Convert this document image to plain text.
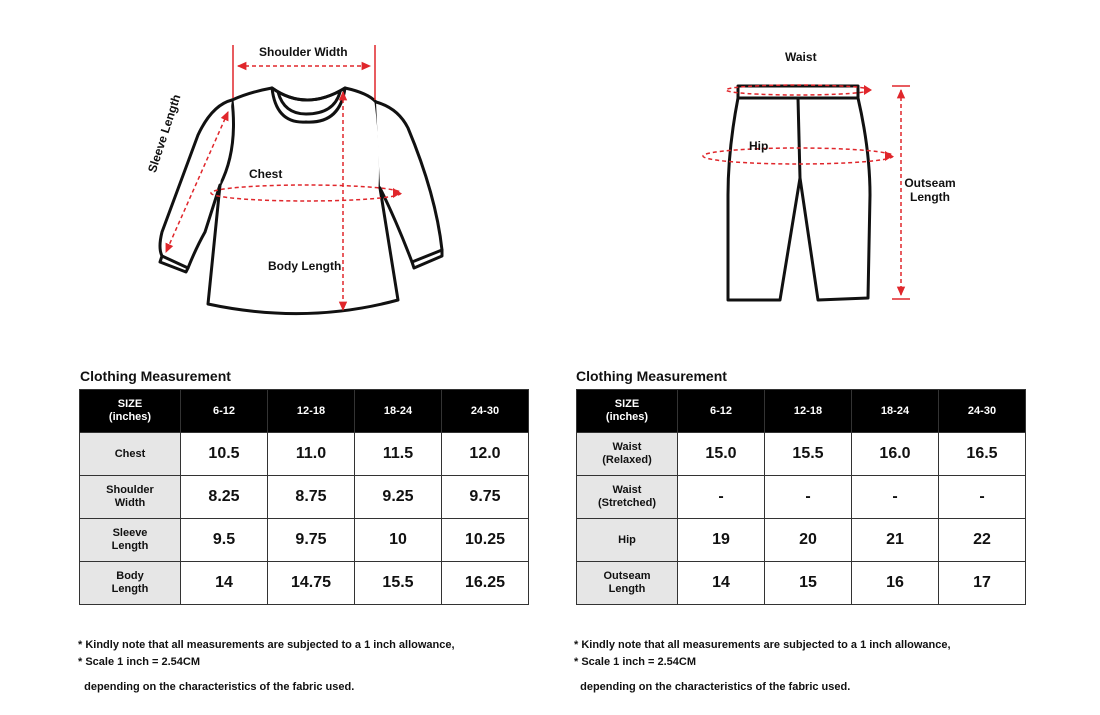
Shoulder Width
Sleeve Length	Chest
Body Length
Waist
Hip
Outseam
Length
Clothing Measurement
SIZE
(inches)	6-12	12-18	18-24	24-30

Chest	10.5	11.0	11.5	12.0

Shoulder
Width	8.25	8.75	9.25	9.75

Sleeve
Length	9.5	9.75	10	10.25

Body
Length	14	14.75	15.5	16.25

* Kindly note that all measurements are subjected to a 1 inch allowance,

depending on the characteristics of the fabric used.

* Scale 1 inch = 2.54CM
Clothing Measurement
SIZE
(inches)	6-12	12-18	18-24	24-30

Waist
(Relaxed)	15.0	15.5	16.0	16.5

Waist
(Stretched)	-	-	-	-

Hip	19	20	21	22

Outseam
Length	14	15	16	17

* Kindly note that all measurements are subjected to a 1 inch allowance,

depending on the characteristics of the fabric used.

* Scale 1 inch = 2.54CM
